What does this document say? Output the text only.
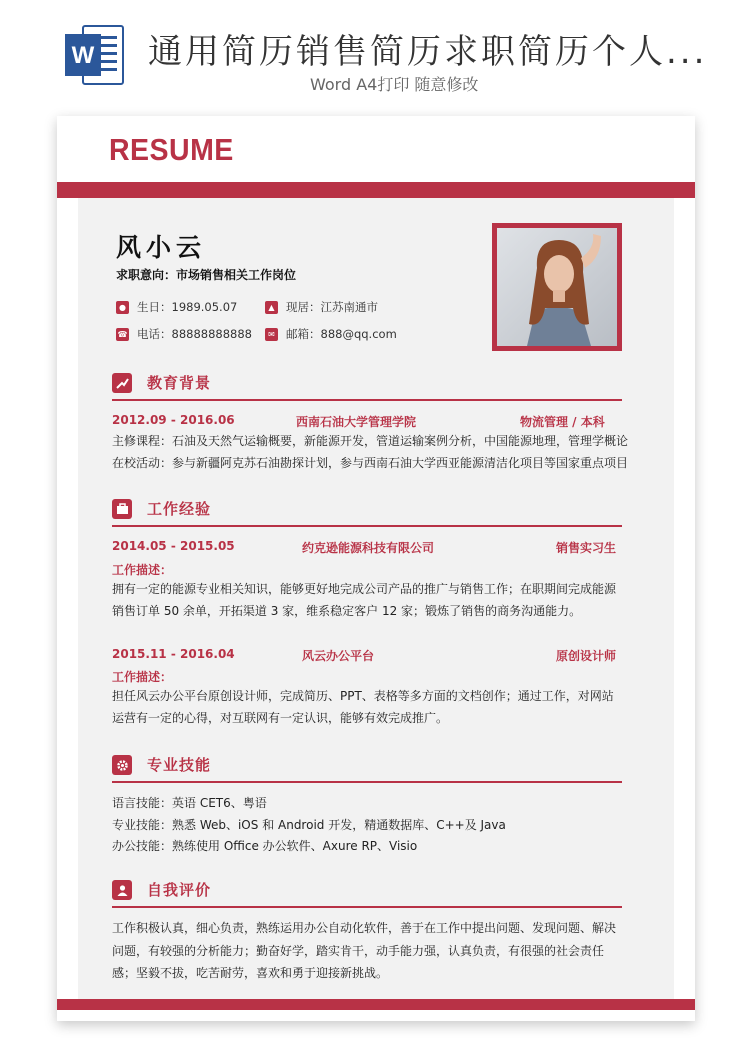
W 通用简历销售简历求职简历个人...
Word A4打印 随意修改
RESUME
风小云
求职意向：市场销售相关工作岗位
● 生日：1989.05.07	▲ 现居：江苏南通市
☎ 电话：88888888888	✉ 邮箱：888@qq.com
教育背景
2012.09 - 2016.06	西南石油大学管理学院	物流管理 / 本科

主修课程：石油及天然气运输概要，新能源开发，管道运输案例分析，中国能源地理，管理学概论

在校活动：参与新疆阿克苏石油勘探计划，参与西南石油大学西亚能源清洁化项目等国家重点项目

工作经验
2014.05 - 2015.05	约克逊能源科技有限公司	销售实习生
工作描述：

拥有一定的能源专业相关知识，能够更好地完成公司产品的推广与销售工作；在职期间完成能源销售订单 50 余单，开拓渠道 3 家，维系稳定客户 12 家；锻炼了销售的商务沟通能力。

2015.11 - 2016.04	风云办公平台	原创设计师
工作描述：

担任风云办公平台原创设计师，完成简历、PPT、表格等多方面的文档创作；通过工作，对网站运营有一定的心得，对互联网有一定认识，能够有效完成推广。

专业技能

语言技能：英语 CET6、粤语

专业技能：熟悉 Web、iOS 和 Android 开发，精通数据库、C++及 Java

办公技能：熟练使用 Office 办公软件、Axure RP、Visio

自我评价

工作积极认真，细心负责，熟练运用办公自动化软件，善于在工作中提出问题、发现问题、解决问题，有较强的分析能力；勤奋好学，踏实肯干，动手能力强，认真负责，有很强的社会责任感；坚毅不拔，吃苦耐劳，喜欢和勇于迎接新挑战。
